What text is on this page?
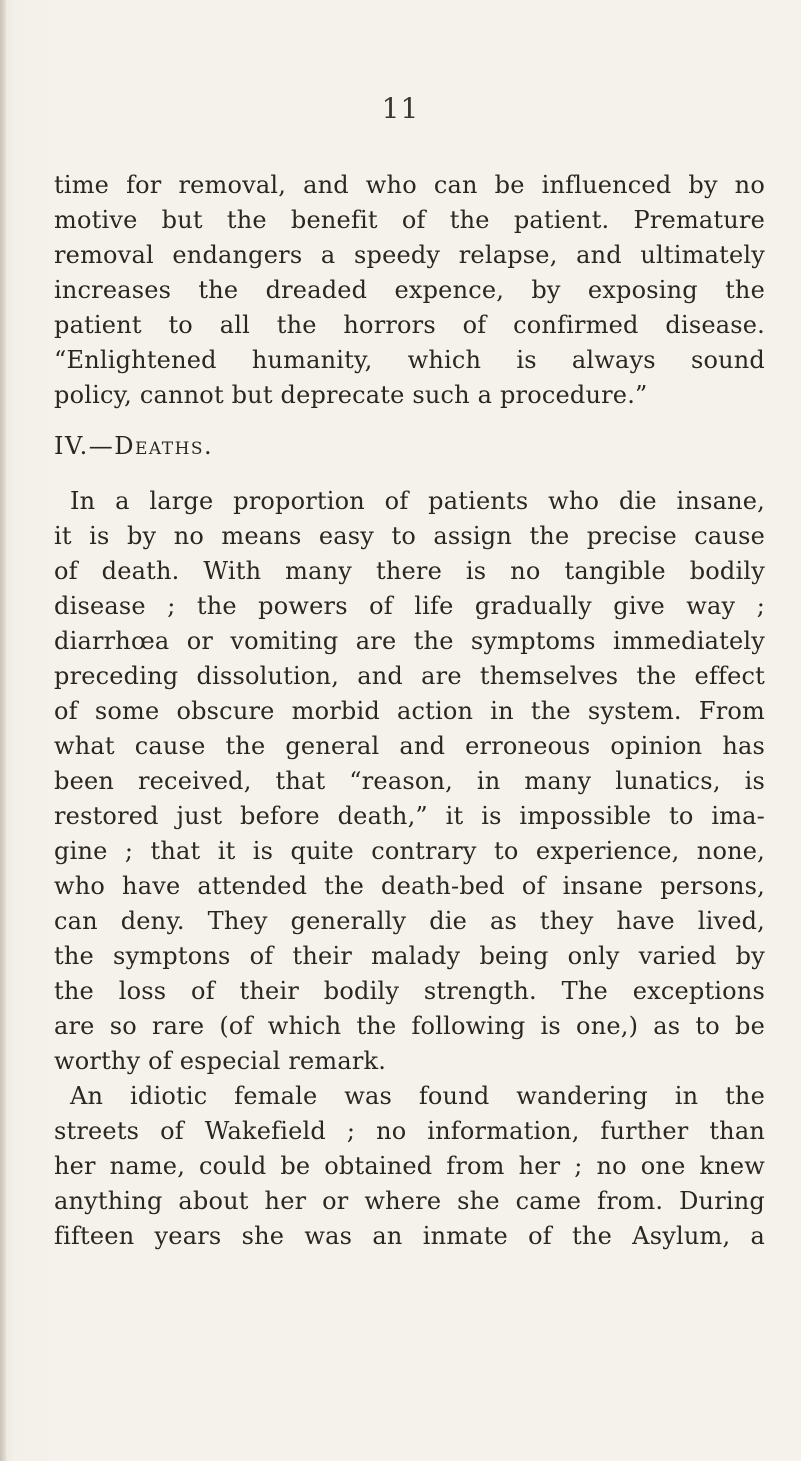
11
time for removal, and who can be influenced by no
motive but the benefit of the patient. Premature
removal endangers a speedy relapse, and ultimately
increases the dreaded expence, by exposing the
patient to all the horrors of confirmed disease.
“Enlightened humanity, which is always sound
policy, cannot but deprecate such a procedure.”
IV.—Deaths.
In a large proportion of patients who die insane,
it is by no means easy to assign the precise cause
of death. With many there is no tangible bodily
disease ; the powers of life gradually give way ;
diarrhœa or vomiting are the symptoms immediately
preceding dissolution, and are themselves the effect
of some obscure morbid action in the system. From
what cause the general and erroneous opinion has
been received, that “reason, in many lunatics, is
restored just before death,” it is impossible to ima-
gine ; that it is quite contrary to experience, none,
who have attended the death-bed of insane persons,
can deny. They generally die as they have lived,
the symptons of their malady being only varied by
the loss of their bodily strength. The exceptions
are so rare (of which the following is one,) as to be
worthy of especial remark.
An idiotic female was found wandering in the
streets of Wakefield ; no information, further than
her name, could be obtained from her ; no one knew
anything about her or where she came from. During
fifteen years she was an inmate of the Asylum, a
